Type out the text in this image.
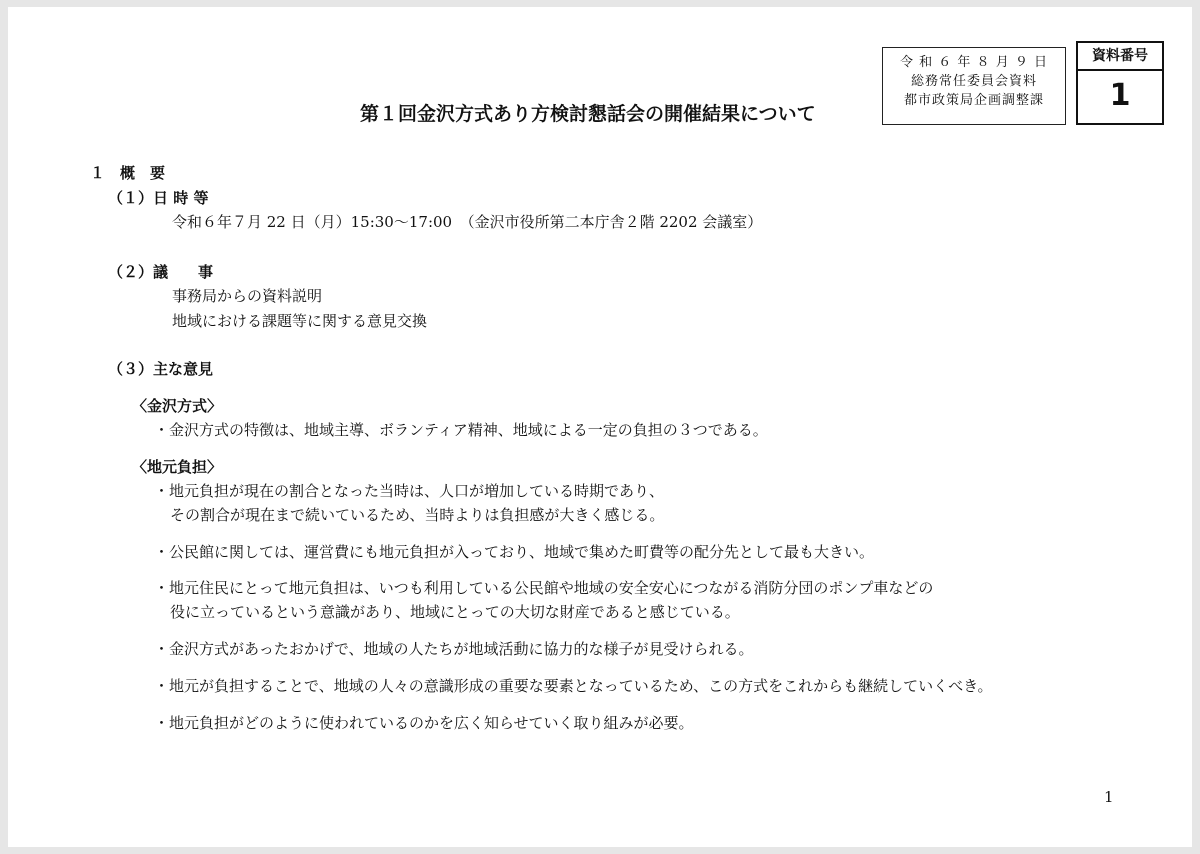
令 和 ６ 年 ８ 月 ９ 日
総務常任委員会資料
都市政策局企画調整課
資料番号
1
第１回金沢方式あり方検討懇話会の開催結果について
１　概　要
（１）日 時 等
令和６年７月 22 日（月）15:30〜17:00　（金沢市役所第二本庁舎２階 2202 会議室）
（２）議　　事
事務局からの資料説明
地域における課題等に関する意見交換
（３）主な意見
〈金沢方式〉
・金沢方式の特徴は、地域主導、ボランティア精神、地域による一定の負担の３つである。
〈地元負担〉
・地元負担が現在の割合となった当時は、人口が増加している時期であり、
その割合が現在まで続いているため、当時よりは負担感が大きく感じる。
・公民館に関しては、運営費にも地元負担が入っており、地域で集めた町費等の配分先として最も大きい。
・地元住民にとって地元負担は、いつも利用している公民館や地域の安全安心につながる消防分団のポンプ車などの
役に立っているという意識があり、地域にとっての大切な財産であると感じている。
・金沢方式があったおかげで、地域の人たちが地域活動に協力的な様子が見受けられる。
・地元が負担することで、地域の人々の意識形成の重要な要素となっているため、この方式をこれからも継続していくべき。
・地元負担がどのように使われているのかを広く知らせていく取り組みが必要。
1
